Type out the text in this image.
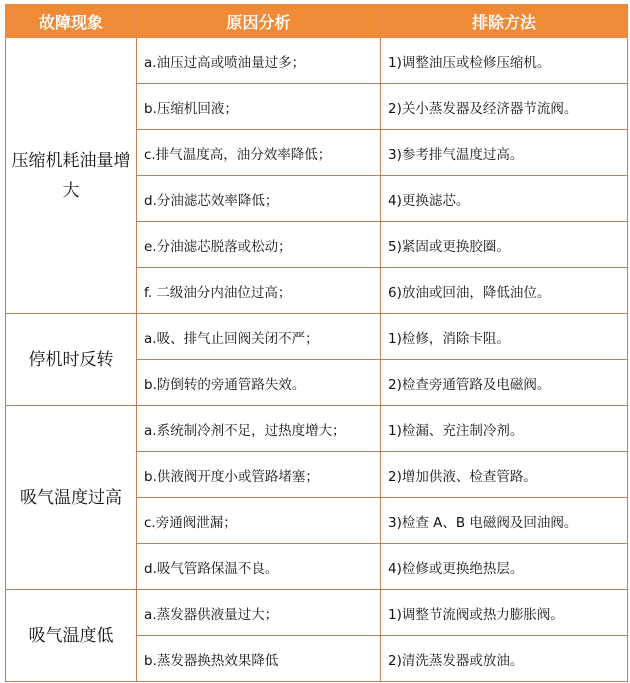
故障现象	原因分析	排除方法
压缩机耗油量增大	a.油压过高或喷油量过多；	1)调整油压或检修压缩机。
	b.压缩机回液；	2)关小蒸发器及经济器节流阀。
	c.排气温度高，油分效率降低；	3)参考排气温度过高。
	d.分油滤芯效率降低；	4)更换滤芯。
	e.分油滤芯脱落或松动；	5)紧固或更换胶圈。
	f. 二级油分内油位过高；	6)放油或回油，降低油位。
停机时反转	a.吸、排气止回阀关闭不严；	1)检修，消除卡阻。
	b.防倒转的旁通管路失效。	2)检查旁通管路及电磁阀。
吸气温度过高	a.系统制冷剂不足，过热度增大；	1)检漏、充注制冷剂。
	b.供液阀开度小或管路堵塞；	2)增加供液、检查管路。
	c.旁通阀泄漏；	3)检查 A、B 电磁阀及回油阀。
	d.吸气管路保温不良。	4)检修或更换绝热层。
吸气温度低	a.蒸发器供液量过大；	1)调整节流阀或热力膨胀阀。
	b.蒸发器换热效果降低	2)清洗蒸发器或放油。
